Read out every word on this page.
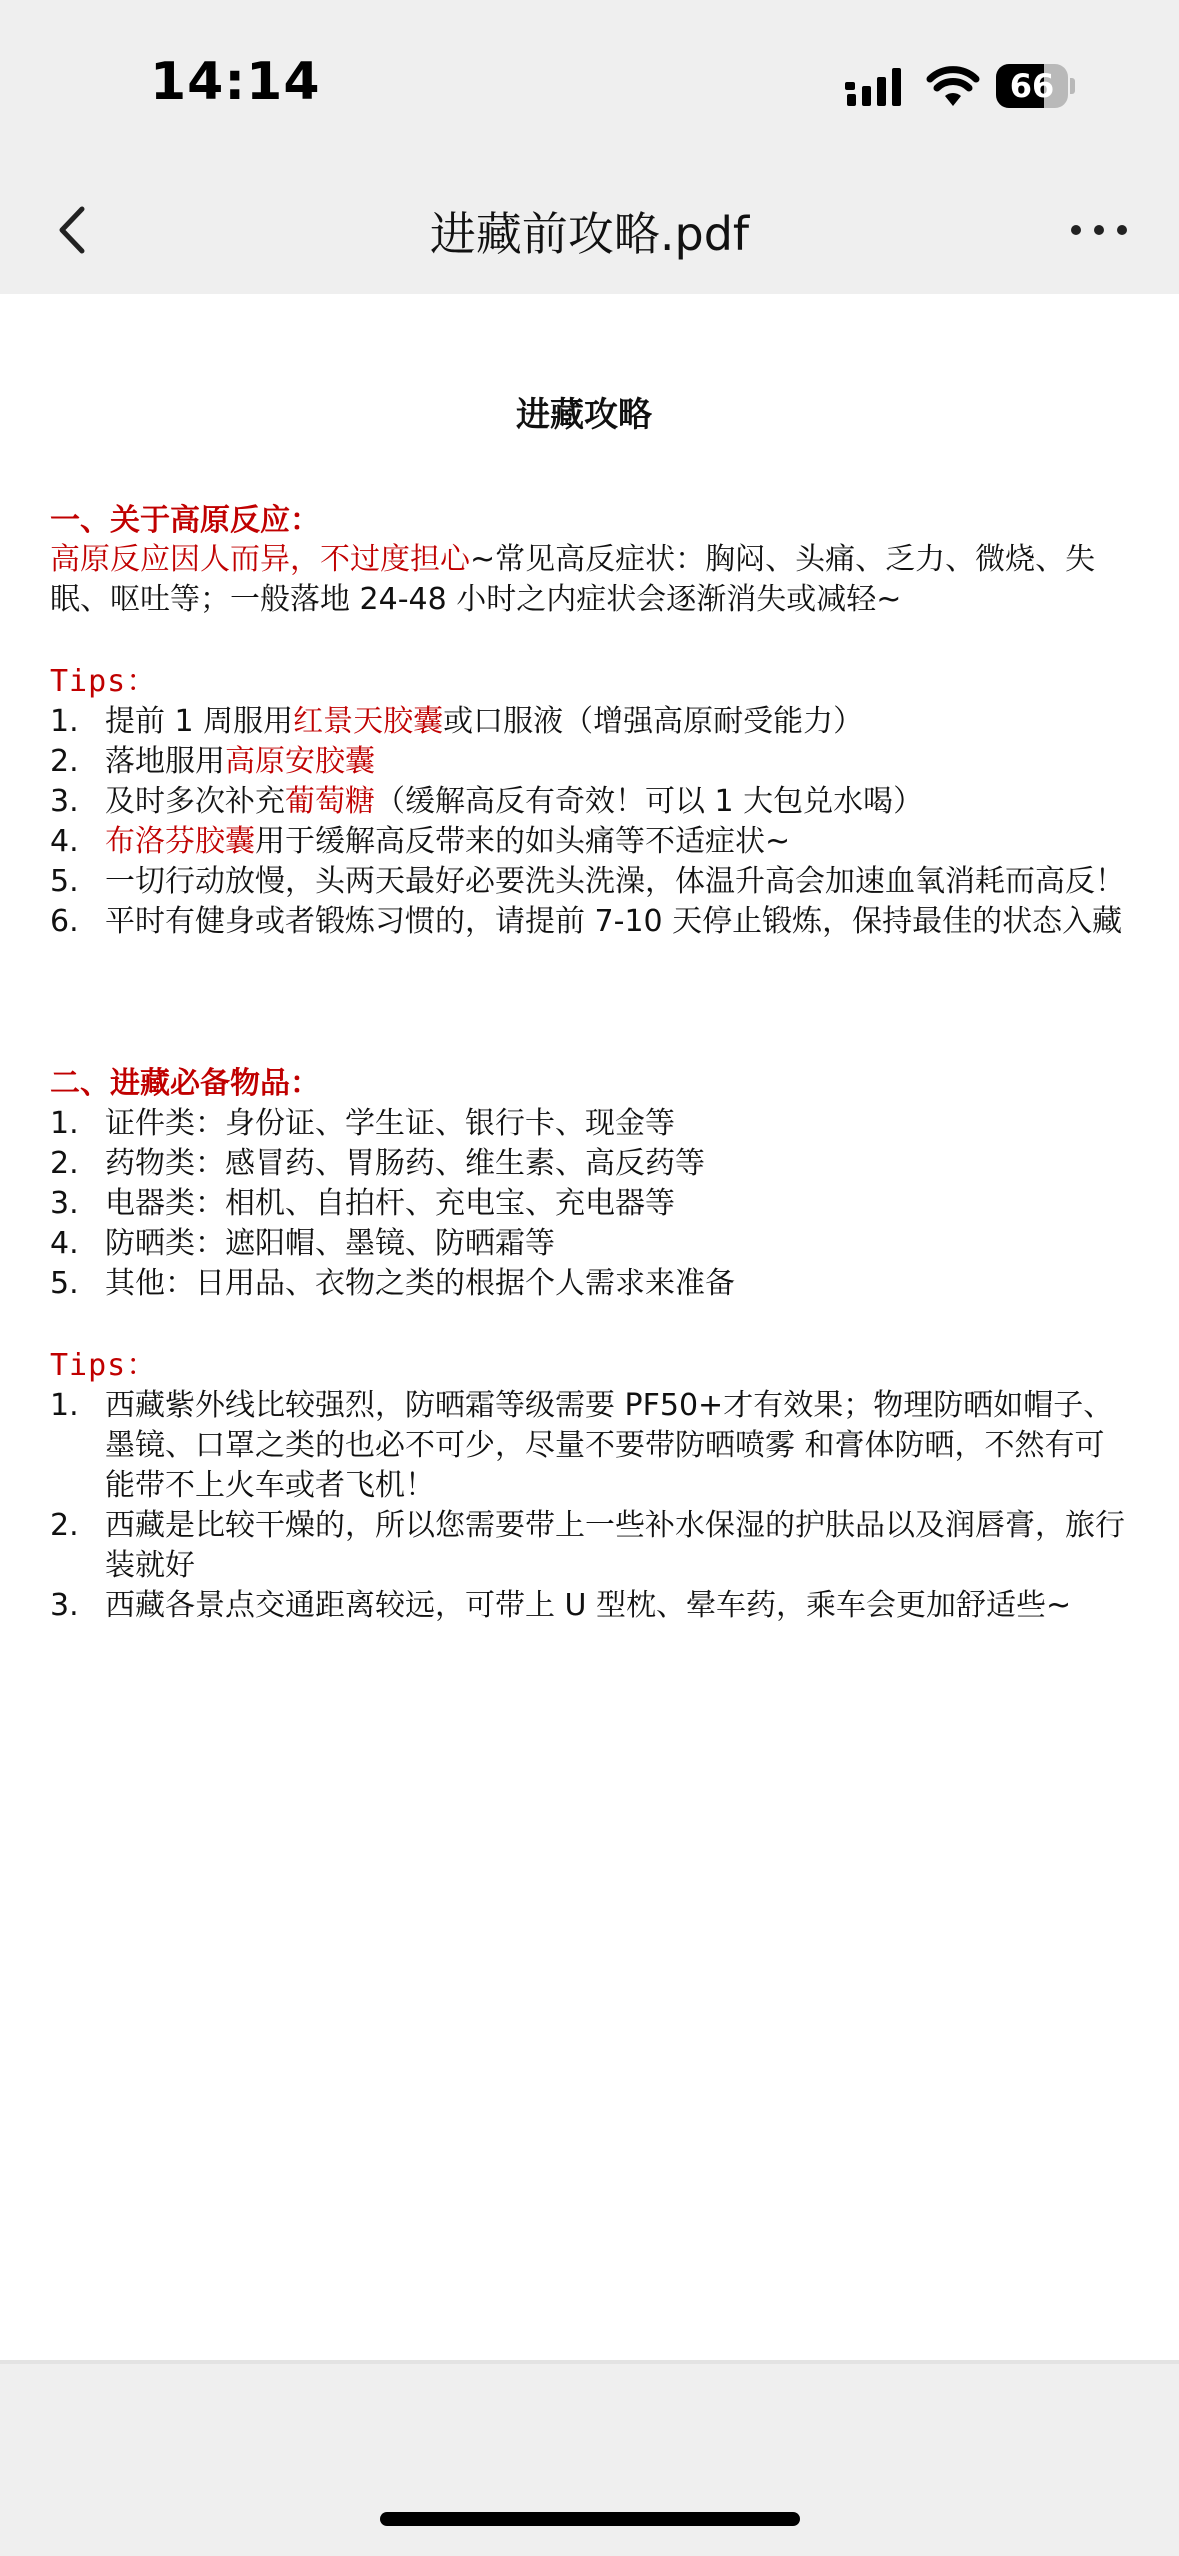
14:14	66
进藏前攻略.pdf
进藏攻略
一、关于高原反应：
高原反应因人而异，不过度担心~常见高反症状：胸闷、头痛、乏力、微烧、失
眠、呕吐等；一般落地 24-48 小时之内症状会逐渐消失或减轻~
Tips：
1. 提前 1 周服用红景天胶囊或口服液（增强高原耐受能力）
2. 落地服用高原安胶囊
3. 及时多次补充葡萄糖（缓解高反有奇效！可以 1 大包兑水喝）
4. 布洛芬胶囊用于缓解高反带来的如头痛等不适症状~
5. 一切行动放慢，头两天最好必要洗头洗澡，体温升高会加速血氧消耗而高反！
6. 平时有健身或者锻炼习惯的，请提前 7-10 天停止锻炼，保持最佳的状态入藏
二、进藏必备物品：
1. 证件类：身份证、学生证、银行卡、现金等
2. 药物类：感冒药、胃肠药、维生素、高反药等
3. 电器类：相机、自拍杆、充电宝、充电器等
4. 防晒类：遮阳帽、墨镜、防晒霜等
5. 其他：日用品、衣物之类的根据个人需求来准备
Tips：
1. 西藏紫外线比较强烈，防晒霜等级需要 PF50+才有效果；物理防晒如帽子、墨镜、口罩之类的也必不可少，尽量不要带防晒喷雾 和膏体防晒，不然有可能带不上火车或者飞机！
2. 西藏是比较干燥的，所以您需要带上一些补水保湿的护肤品以及润唇膏，旅行装就好
3. 西藏各景点交通距离较远，可带上 U 型枕、晕车药，乘车会更加舒适些~
